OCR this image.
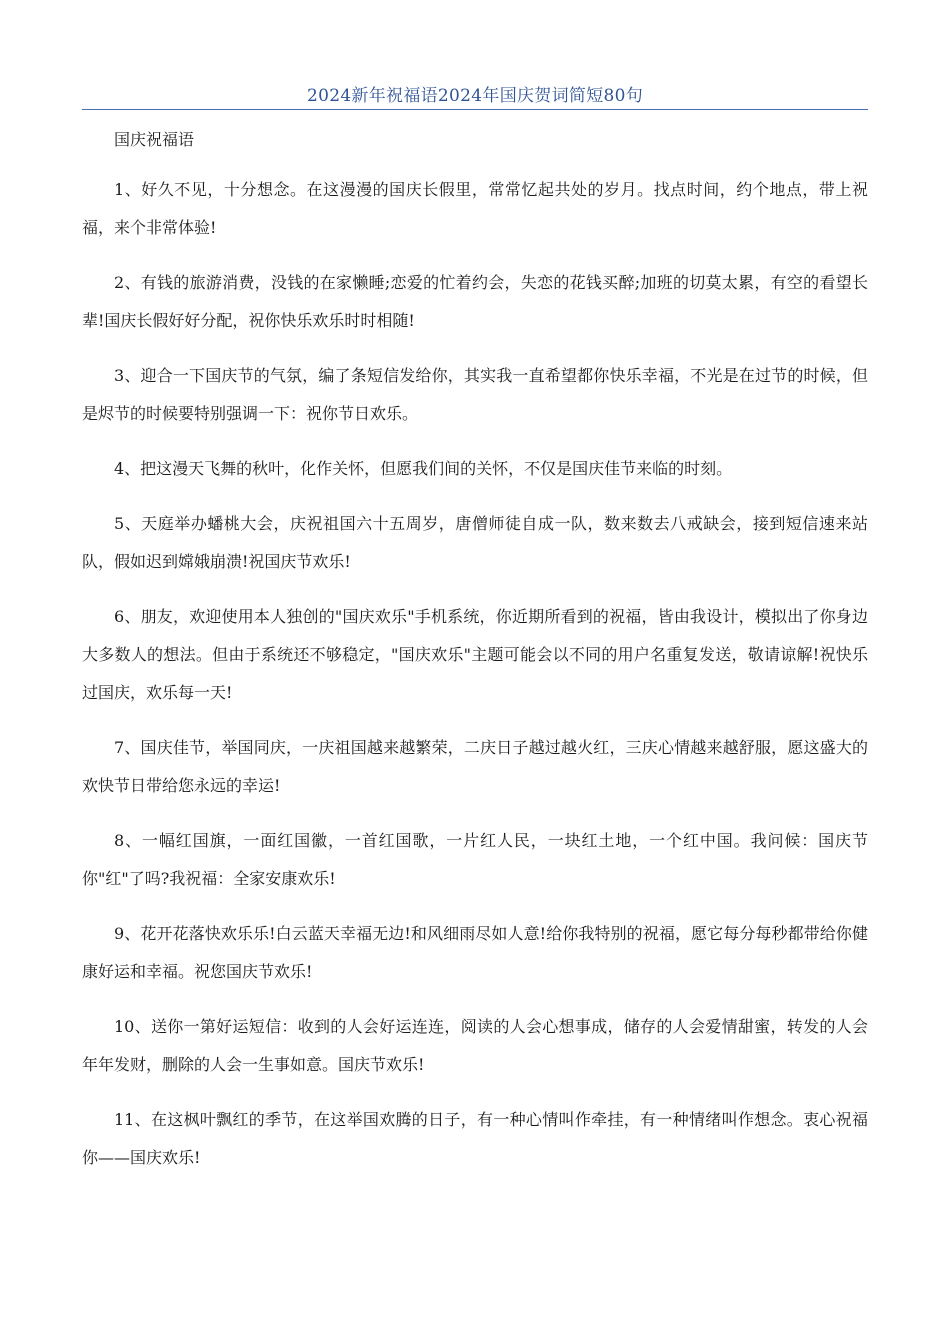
2024新年祝福语2024年国庆贺词简短80句

国庆祝福语

1、好久不见，十分想念。在这漫漫的国庆长假里，常常忆起共处的岁月。找点时间，约个地点，带上祝福，来个非常体验!

2、有钱的旅游消费，没钱的在家懒睡;恋爱的忙着约会，失恋的花钱买醉;加班的切莫太累，有空的看望长辈!国庆长假好好分配，祝你快乐欢乐时时相随!

3、迎合一下国庆节的气氛，编了条短信发给你，其实我一直希望都你快乐幸福，不光是在过节的时候，但是烬节的时候要特别强调一下：祝你节日欢乐。

4、把这漫天飞舞的秋叶，化作关怀，但愿我们间的关怀，不仅是国庆佳节来临的时刻。

5、天庭举办蟠桃大会，庆祝祖国六十五周岁，唐僧师徒自成一队，数来数去八戒缺会，接到短信速来站队，假如迟到嫦娥崩溃!祝国庆节欢乐!

6、朋友，欢迎使用本人独创的"国庆欢乐"手机系统，你近期所看到的祝福，皆由我设计，模拟出了你身边大多数人的想法。但由于系统还不够稳定，"国庆欢乐"主题可能会以不同的用户名重复发送，敬请谅解!祝快乐过国庆，欢乐每一天!

7、国庆佳节，举国同庆，一庆祖国越来越繁荣，二庆日子越过越火红，三庆心情越来越舒服，愿这盛大的欢快节日带给您永远的幸运!

8、一幅红国旗，一面红国徽，一首红国歌，一片红人民，一块红土地，一个红中国。我问候：国庆节你"红"了吗?我祝福：全家安康欢乐!

9、花开花落快欢乐乐!白云蓝天幸福无边!和风细雨尽如人意!给你我特别的祝福，愿它每分每秒都带给你健康好运和幸福。祝您国庆节欢乐!

10、送你一第好运短信：收到的人会好运连连，阅读的人会心想事成，储存的人会爱情甜蜜，转发的人会年年发财，删除的人会一生事如意。国庆节欢乐!

11、在这枫叶飘红的季节，在这举国欢腾的日子，有一种心情叫作牵挂，有一种情绪叫作想念。衷心祝福你——国庆欢乐!
